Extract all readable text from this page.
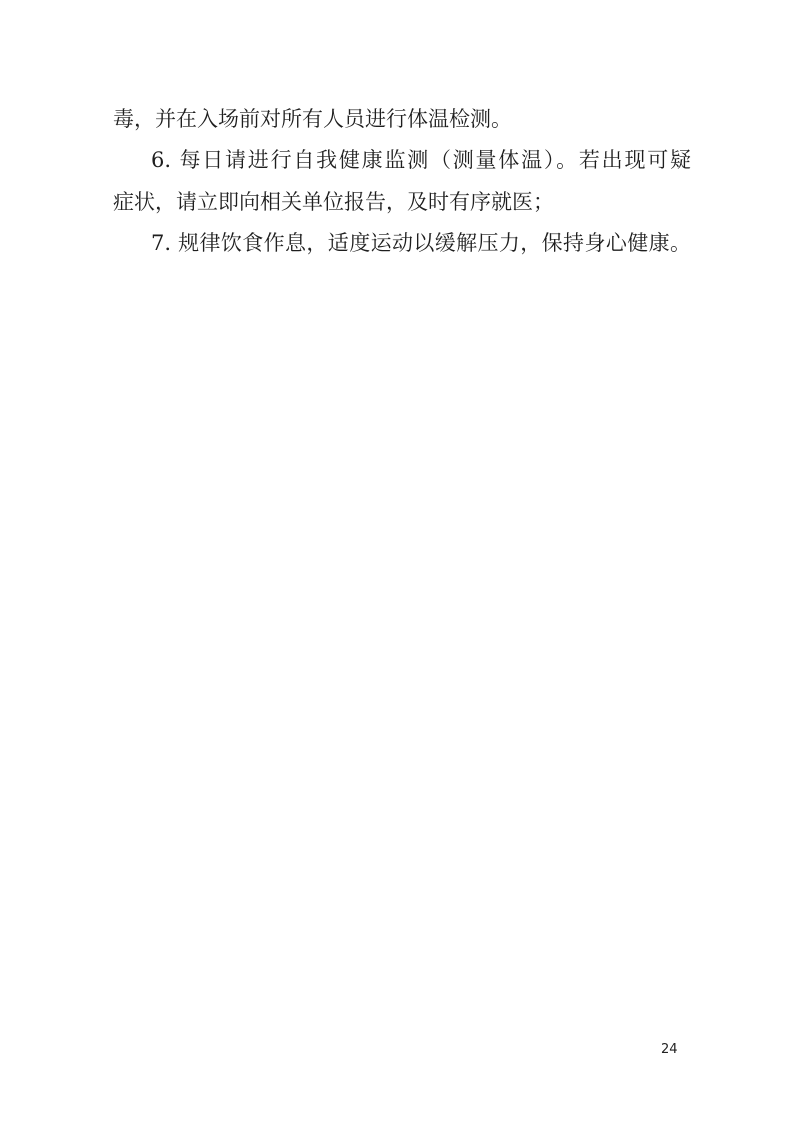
毒，并在入场前对所有人员进行体温检测。
6. 每日请进行自我健康监测（测量体温）。若出现可疑
症状，请立即向相关单位报告，及时有序就医；
7. 规律饮食作息，适度运动以缓解压力，保持身心健康。
24
